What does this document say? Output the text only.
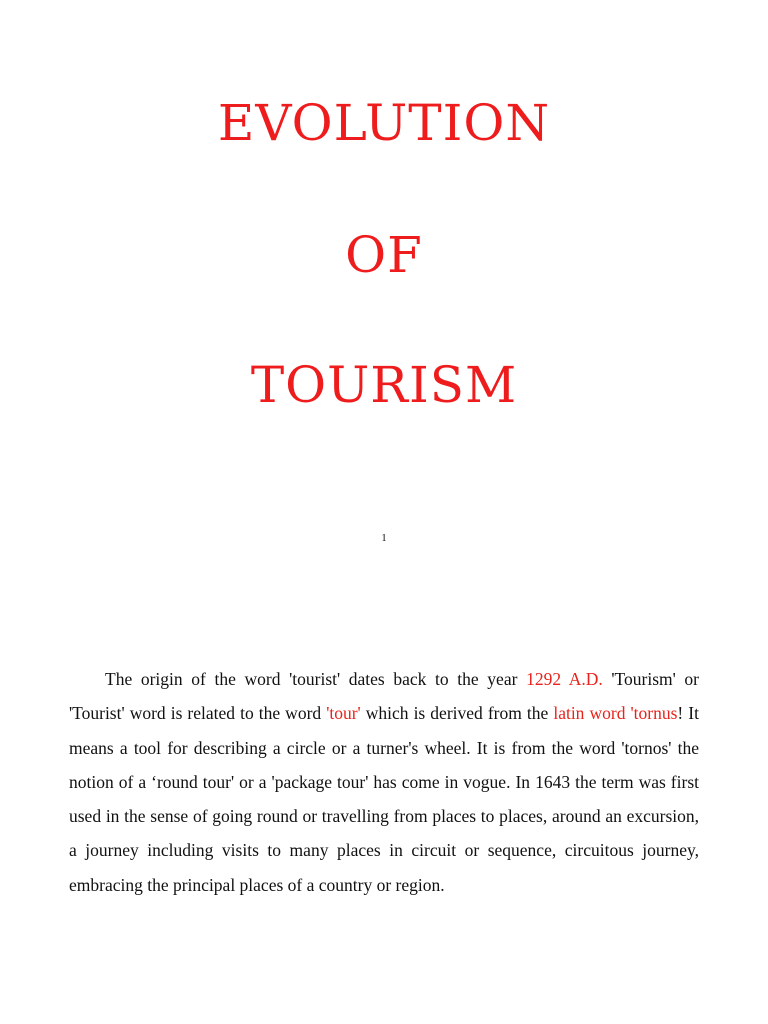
EVOLUTION
OF
TOURISM
1

The origin of the word 'tourist' dates back to the year 1292 A.D. 'Tourism' or 'Tourist' word is related to the word 'tour' which is derived from the latin word 'tornus! It means a tool for describing a circle or a turner's wheel. It is from the word 'tornos' the notion of a ‘round tour' or a 'package tour' has come in vogue. In 1643 the term was first used in the sense of going round or travelling from places to places, around an excursion, a journey including visits to many places in circuit or sequence, circuitous journey, embracing the principal places of a country or region.
